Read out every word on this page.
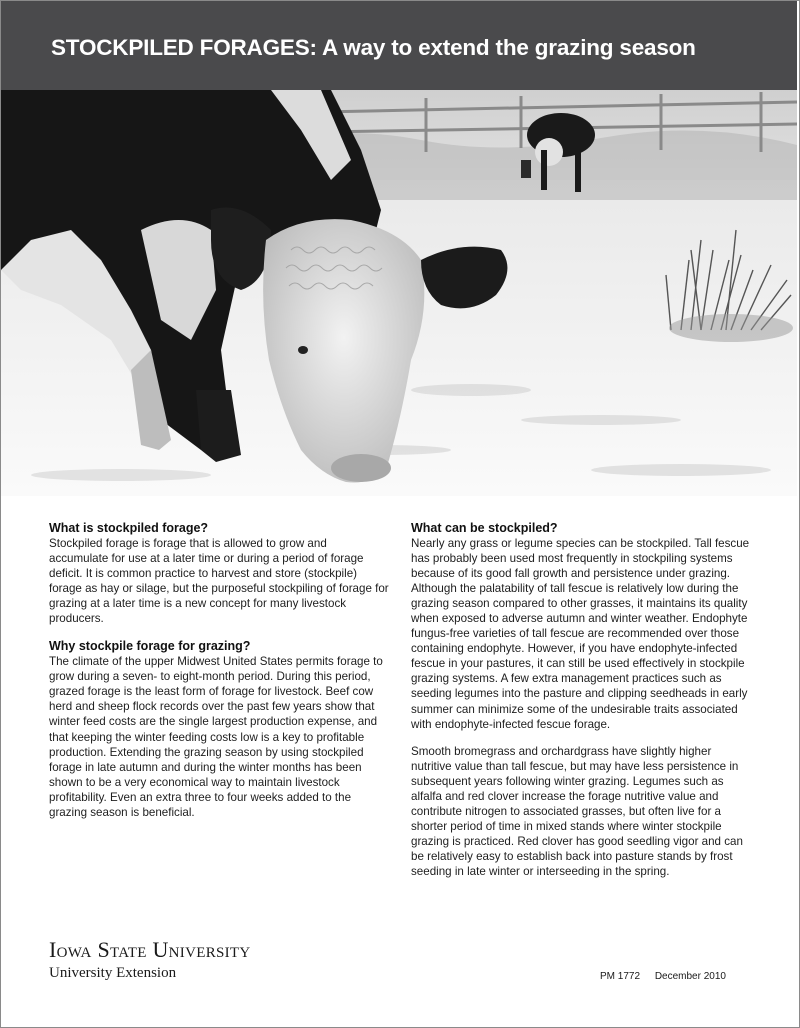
STOCKPILED FORAGES: A way to extend the grazing season
What is stockpiled forage?

Stockpiled forage is forage that is allowed to grow and accumulate for use at a later time or during a period of forage deficit. It is common practice to harvest and store (stockpile) forage as hay or silage, but the purposeful stockpiling of forage for grazing at a later time is a new concept for many livestock producers.

Why stockpile forage for grazing?

The climate of the upper Midwest United States permits forage to grow during a seven- to eight-month period. During this period, grazed forage is the least form of forage for livestock. Beef cow herd and sheep flock records over the past few years show that winter feed costs are the single largest production expense, and that keeping the winter feeding costs low is a key to profitable production. Extending the grazing season by using stockpiled forage in late autumn and during the winter months has been shown to be a very economical way to maintain livestock profitability. Even an extra three to four weeks added to the grazing season is beneficial.

What can be stockpiled?

Nearly any grass or legume species can be stockpiled. Tall fescue has probably been used most frequently in stockpiling systems because of its good fall growth and persistence under grazing. Although the palatability of tall fescue is relatively low during the grazing season compared to other grasses, it maintains its quality when exposed to adverse autumn and winter weather. Endophyte fungus-free varieties of tall fescue are recommended over those containing endophyte. However, if you have endophyte-infected fescue in your pastures, it can still be used effectively in stockpile grazing systems. A few extra management practices such as seeding legumes into the pasture and clipping seedheads in early summer can minimize some of the undesirable traits associated with endophyte-infected fescue forage.

Smooth bromegrass and orchardgrass have slightly higher nutritive value than tall fescue, but may have less persistence in subsequent years following winter grazing. Legumes such as alfalfa and red clover increase the forage nutritive value and contribute nitrogen to associated grasses, but often live for a shorter period of time in mixed stands where winter stockpile grazing is practiced. Red clover has good seedling vigor and can be relatively easy to establish back into pasture stands by frost seeding in late winter or interseeding in the spring.

Iowa State University
University Extension	PM 1772 December 2010
